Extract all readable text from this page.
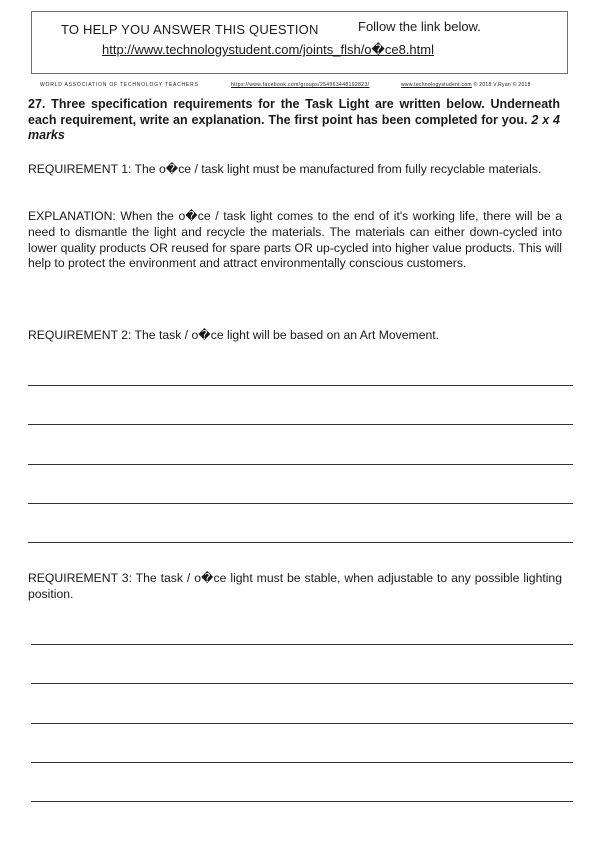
TO HELP YOU ANSWER THIS QUESTION	Follow the link below.
http://www.technologystudent.com/joints_flsh/o�ce8.html
WORLD ASSOCIATION OF TECHNOLOGY TEACHERS	https://www.facebook.com/groups/254963448192823/	www.technologystudent.com © 2018 V.Ryan © 2018
27. Three specification requirements for the Task Light are written below. Underneath each requirement, write an explanation. The first point has been completed for you. 2 x 4 marks
REQUIREMENT 1: The o�ce / task light must be manufactured from fully recyclable materials.
EXPLANATION: When the o�ce / task light comes to the end of it's working life, there will be a need to dismantle the light and recycle the materials. The materials can either down-cycled into lower quality products OR reused for spare parts OR up-cycled into higher value products. This will help to protect the environment and attract environmentally conscious customers.
REQUIREMENT 2: The task / o�ce light will be based on an Art Movement.
REQUIREMENT 3: The task / o�ce light must be stable, when adjustable to any possible lighting position.
